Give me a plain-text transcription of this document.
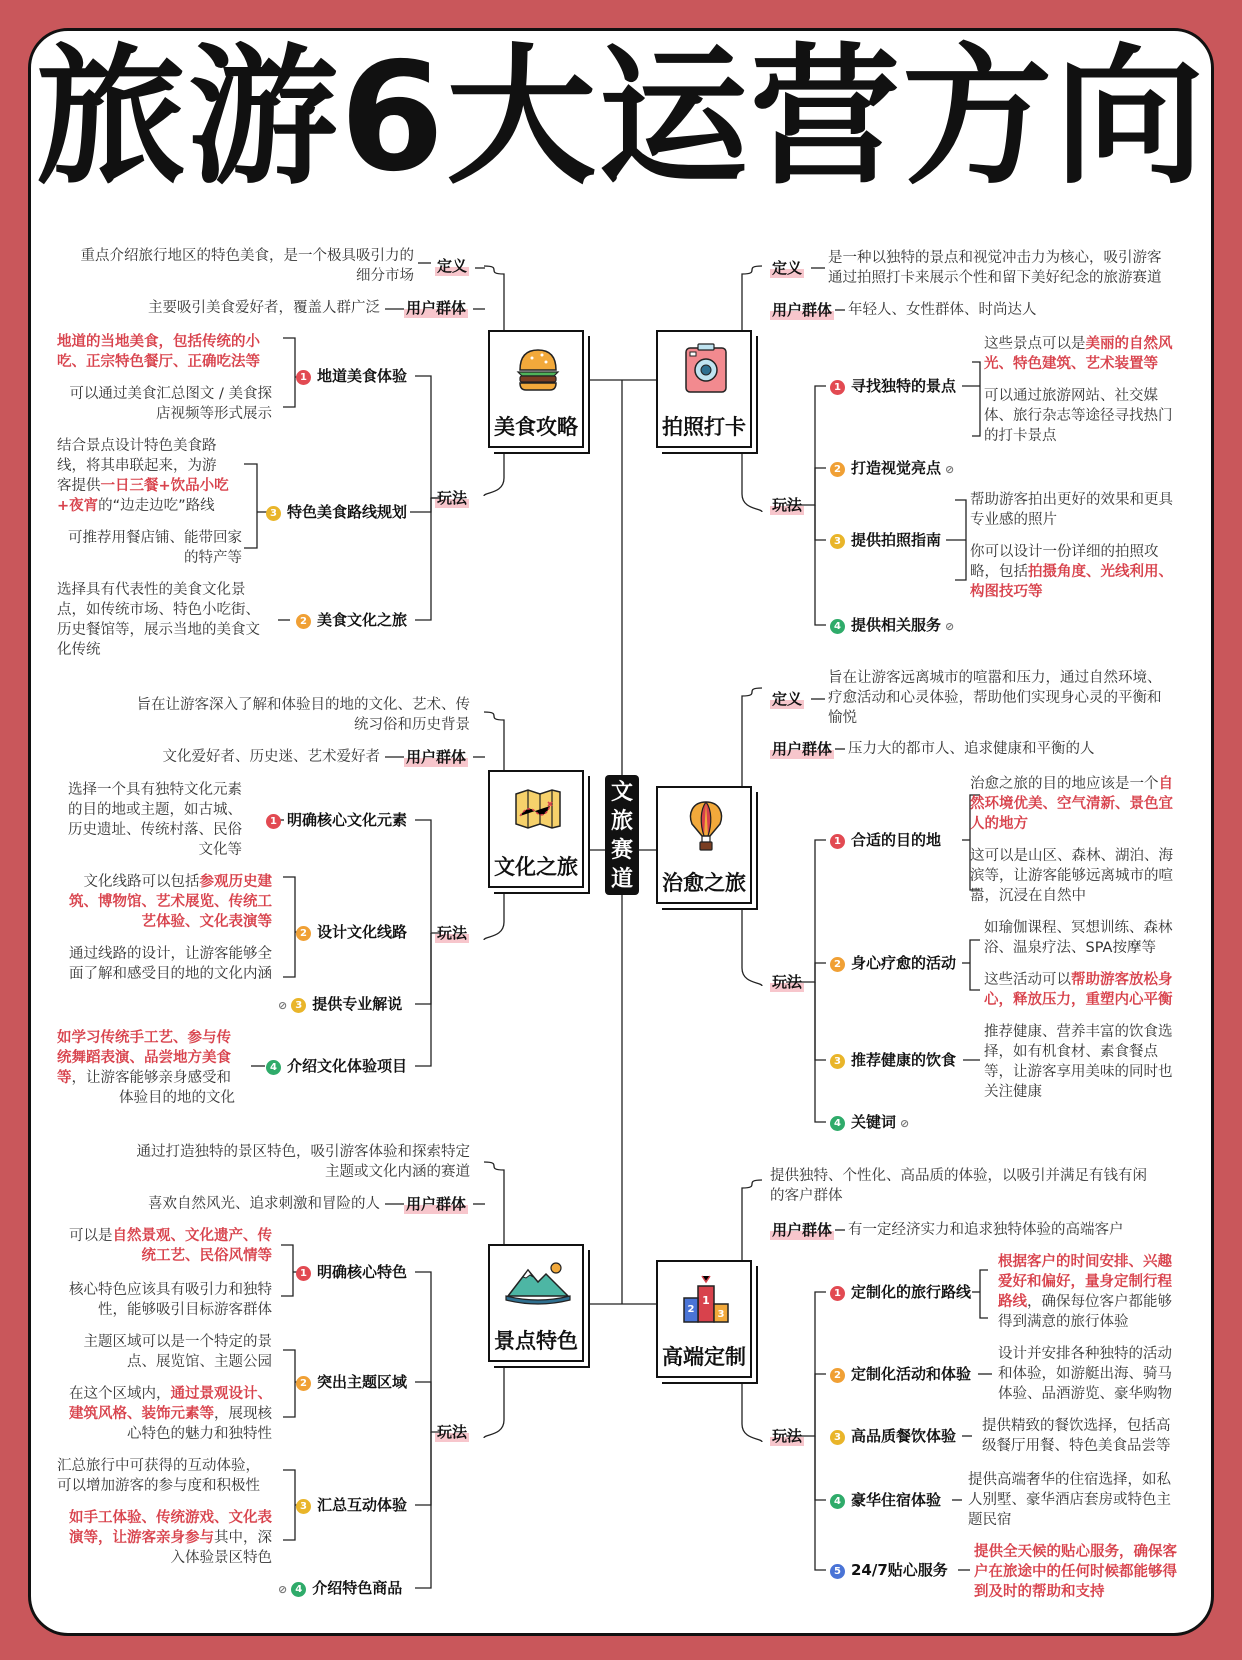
旅游6大运营方向
文旅赛道
重点介绍旅行地区的特色美食，是一个极具吸引力的
细分市场
定义
主要吸引美食爱好者，覆盖人群广泛 用户群体
玩法
地道的当地美食，包括传统的小
吃、正宗特色餐厅、正确吃法等
可以通过美食汇总图文 / 美食探
店视频等形式展示
1 地道美食体验
结合景点设计特色美食路
线，将其串联起来，为游
客提供一日三餐+饮品小吃
+夜宵的“边走边吃”路线
可推荐用餐店铺、能带回家
的特产等
3 特色美食路线规划
选择具有代表性的美食文化景
点，如传统市场、特色小吃街、
历史餐馆等，展示当地的美食文
化传统
2 美食文化之旅
美食攻略
旨在让游客深入了解和体验目的地的文化、艺术、传
统习俗和历史背景
文化爱好者、历史迷、艺术爱好者 用户群体
玩法
选择一个具有独特文化元素
的目的地或主题，如古城、
历史遗址、传统村落、民俗
文化等
1 明确核心文化元素
文化线路可以包括参观历史建
筑、博物馆、艺术展览、传统工
艺体验、文化表演等
通过线路的设计，让游客能够全
面了解和感受目的地的文化内涵
2 设计文化线路
⊘ 3 提供专业解说
如学习传统手工艺、参与传
统舞蹈表演、品尝地方美食
等，让游客能够亲身感受和
体验目的地的文化
4 介绍文化体验项目
文化之旅
通过打造独特的景区特色，吸引游客体验和探索特定
主题或文化内涵的赛道
喜欢自然风光、追求刺激和冒险的人 用户群体
玩法
可以是自然景观、文化遗产、传
统工艺、民俗风情等
核心特色应该具有吸引力和独特
性，能够吸引目标游客群体
1 明确核心特色
主题区域可以是一个特定的景
点、展览馆、主题公园
在这个区域内，通过景观设计、
建筑风格、装饰元素等，展现核
心特色的魅力和独特性
2 突出主题区域
汇总旅行中可获得的互动体验，
可以增加游客的参与度和积极性
如手工体验、传统游戏、文化表
演等，让游客亲身参与其中，深
入体验景区特色
3 汇总互动体验
⊘ 4 介绍特色商品
景点特色
定义
是一种以独特的景点和视觉冲击力为核心，吸引游客
通过拍照打卡来展示个性和留下美好纪念的旅游赛道
用户群体 年轻人、女性群体、时尚达人
玩法
1 寻找独特的景点
这些景点可以是美丽的自然风
光、特色建筑、艺术装置等
可以通过旅游网站、社交媒
体、旅行杂志等途径寻找热门
的打卡景点
2 打造视觉亮点 ⊘
3 提供拍照指南
帮助游客拍出更好的效果和更具
专业感的照片
你可以设计一份详细的拍照攻
略，包括拍摄角度、光线利用、
构图技巧等
4 提供相关服务 ⊘
拍照打卡
定义
旨在让游客远离城市的喧嚣和压力，通过自然环境、
疗愈活动和心灵体验，帮助他们实现身心灵的平衡和
愉悦
用户群体 压力大的都市人、追求健康和平衡的人
玩法
1 合适的目的地
治愈之旅的目的地应该是一个自
然环境优美、空气清新、景色宜
人的地方
这可以是山区、森林、湖泊、海
滨等，让游客能够远离城市的喧
嚣，沉浸在自然中
2 身心疗愈的活动
如瑜伽课程、冥想训练、森林
浴、温泉疗法、SPA按摩等
这些活动可以帮助游客放松身
心，释放压力，重塑内心平衡
3 推荐健康的饮食
推荐健康、营养丰富的饮食选
择，如有机食材、素食餐点
等，让游客享用美味的同时也
关注健康
4 关键词 ⊘
治愈之旅
提供独特、个性化、高品质的体验，以吸引并满足有钱有闲
的客户群体
用户群体 有一定经济实力和追求独特体验的高端客户
玩法
1 定制化的旅行路线
根据客户的时间安排、兴趣
爱好和偏好，量身定制行程
路线，确保每位客户都能够
得到满意的旅行体验
2 定制化活动和体验
设计并安排各种独特的活动
和体验，如游艇出海、骑马
体验、品酒游览、豪华购物
3 高品质餐饮体验
提供精致的餐饮选择，包括高
级餐厅用餐、特色美食品尝等
4 豪华住宿体验
提供高端奢华的住宿选择，如私
人别墅、豪华酒店套房或特色主
题民宿
5 24/7贴心服务
提供全天候的贴心服务，确保客
户在旅途中的任何时候都能够得
到及时的帮助和支持
1
2 3
高端定制
